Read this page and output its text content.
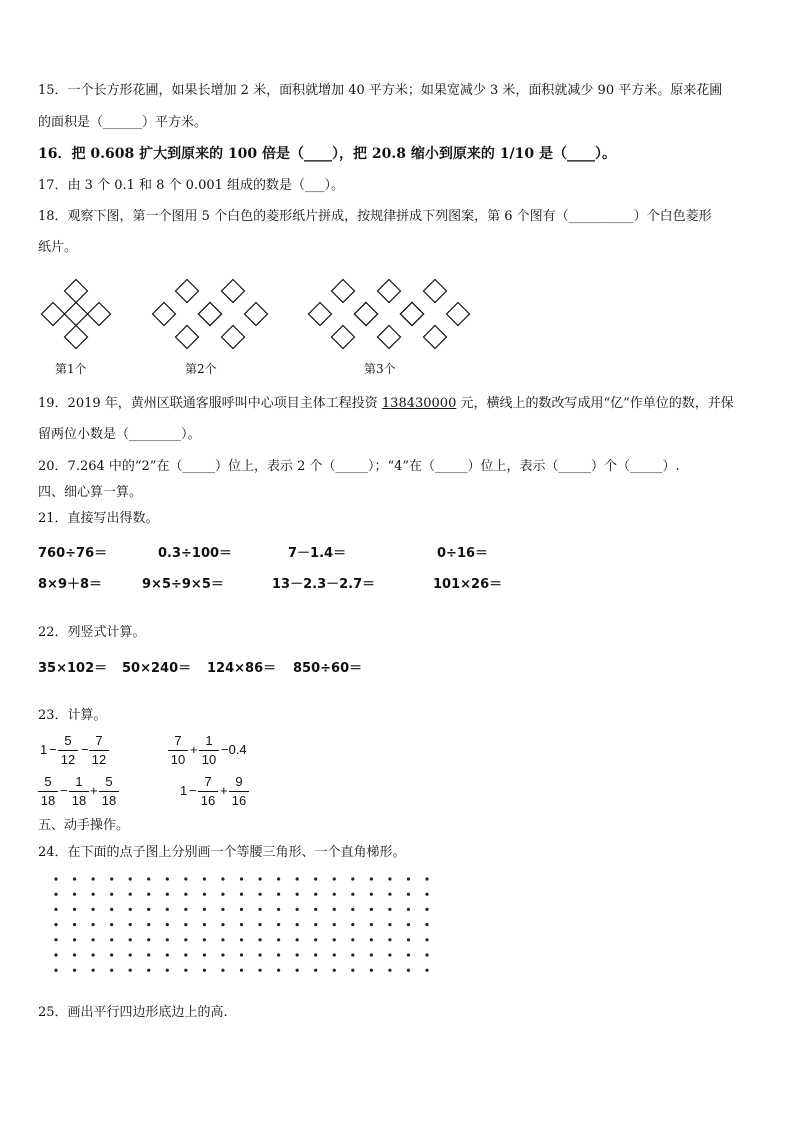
15．一个长方形花圃，如果长增加 2 米，面积就增加 40 平方米；如果宽减少 3 米，面积就减少 90 平方米。原来花圃
的面积是（______）平方米。
16．把 0.608 扩大到原来的 100 倍是（____），把 20.8 缩小到原来的 1/10 是（____）。
17．由 3 个 0.1 和 8 个 0.001 组成的数是（___）。
18．观察下图，第一个图用 5 个白色的菱形纸片拼成，按规律拼成下列图案，第 6 个图有（__________）个白色菱形
纸片。
第1个	第2个	第3个
19．2019 年，黄州区联通客服呼叫中心项目主体工程投资 138430000 元，横线上的数改写成用“亿”作单位的数，并保
留两位小数是（________）。
20．7.264 中的“2”在（_____）位上，表示 2 个（_____）；“4”在（_____）位上，表示（_____）个（_____）.
四、细心算一算。
21．直接写出得数。
760÷76＝	0.3÷100＝	7－1.4＝	0÷16＝
8×9＋8＝	9×5÷9×5＝	13－2.3－2.7＝	101×26＝
22．列竖式计算。
35×102＝ 50×240＝ 124×86＝ 850÷60＝
23．计算。
1 −
5
12
−
7
12
7
10
+
1
10
−0.4
5
18
−
1
18
+
5
18
1 −
7
16
+
9
16
五、动手操作。
24．在下面的点子图上分别画一个等腰三角形、一个直角梯形。
25．画出平行四边形底边上的高.
